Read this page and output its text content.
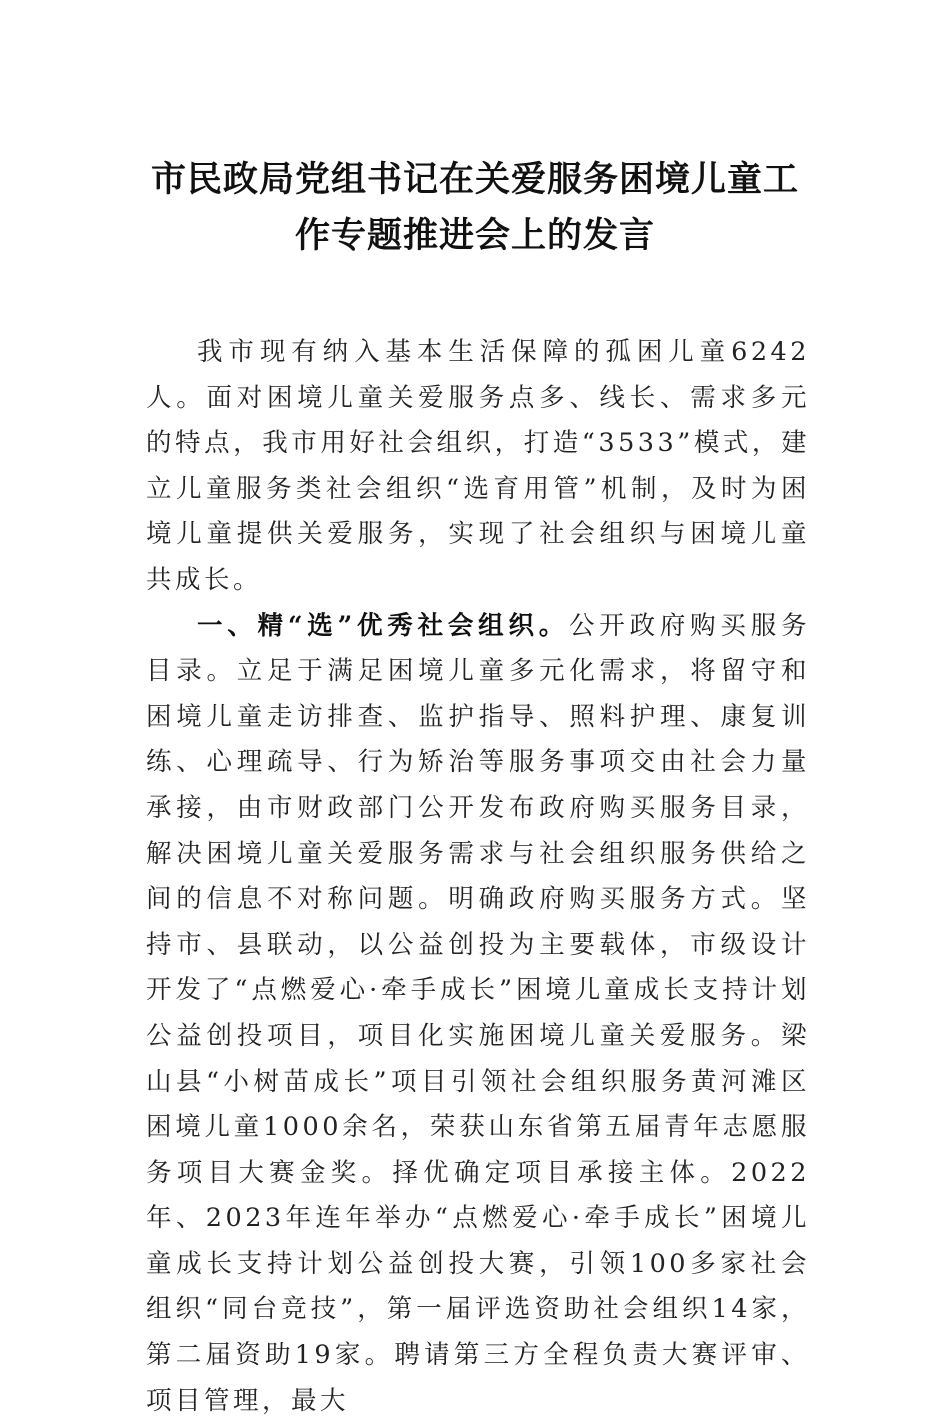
市民政局党组书记在关爱服务困境儿童工
作专题推进会上的发言

我市现有纳入基本生活保障的孤困儿童6242人。面对困境儿童关爱服务点多、线长、需求多元的特点，我市用好社会组织，打造“3533”模式，建立儿童服务类社会组织“选育用管”机制，及时为困境儿童提供关爱服务，实现了社会组织与困境儿童共成长。

一、精“选”优秀社会组织。公开政府购买服务目录。立足于满足困境儿童多元化需求，将留守和困境儿童走访排查、监护指导、照料护理、康复训练、心理疏导、行为矫治等服务事项交由社会力量承接，由市财政部门公开发布政府购买服务目录，解决困境儿童关爱服务需求与社会组织服务供给之间的信息不对称问题。明确政府购买服务方式。坚持市、县联动，以公益创投为主要载体，市级设计开发了“点燃爱心·牵手成长”困境儿童成长支持计划公益创投项目，项目化实施困境儿童关爱服务。梁山县“小树苗成长”项目引领社会组织服务黄河滩区困境儿童1000余名，荣获山东省第五届青年志愿服务项目大赛金奖。择优确定项目承接主体。2022年、2023年连年举办“点燃爱心·牵手成长”困境儿童成长支持计划公益创投大赛，引领100多家社会组织“同台竞技”，第一届评选资助社会组织14家，第二届资助19家。聘请第三方全程负责大赛评审、项目管理，最大
